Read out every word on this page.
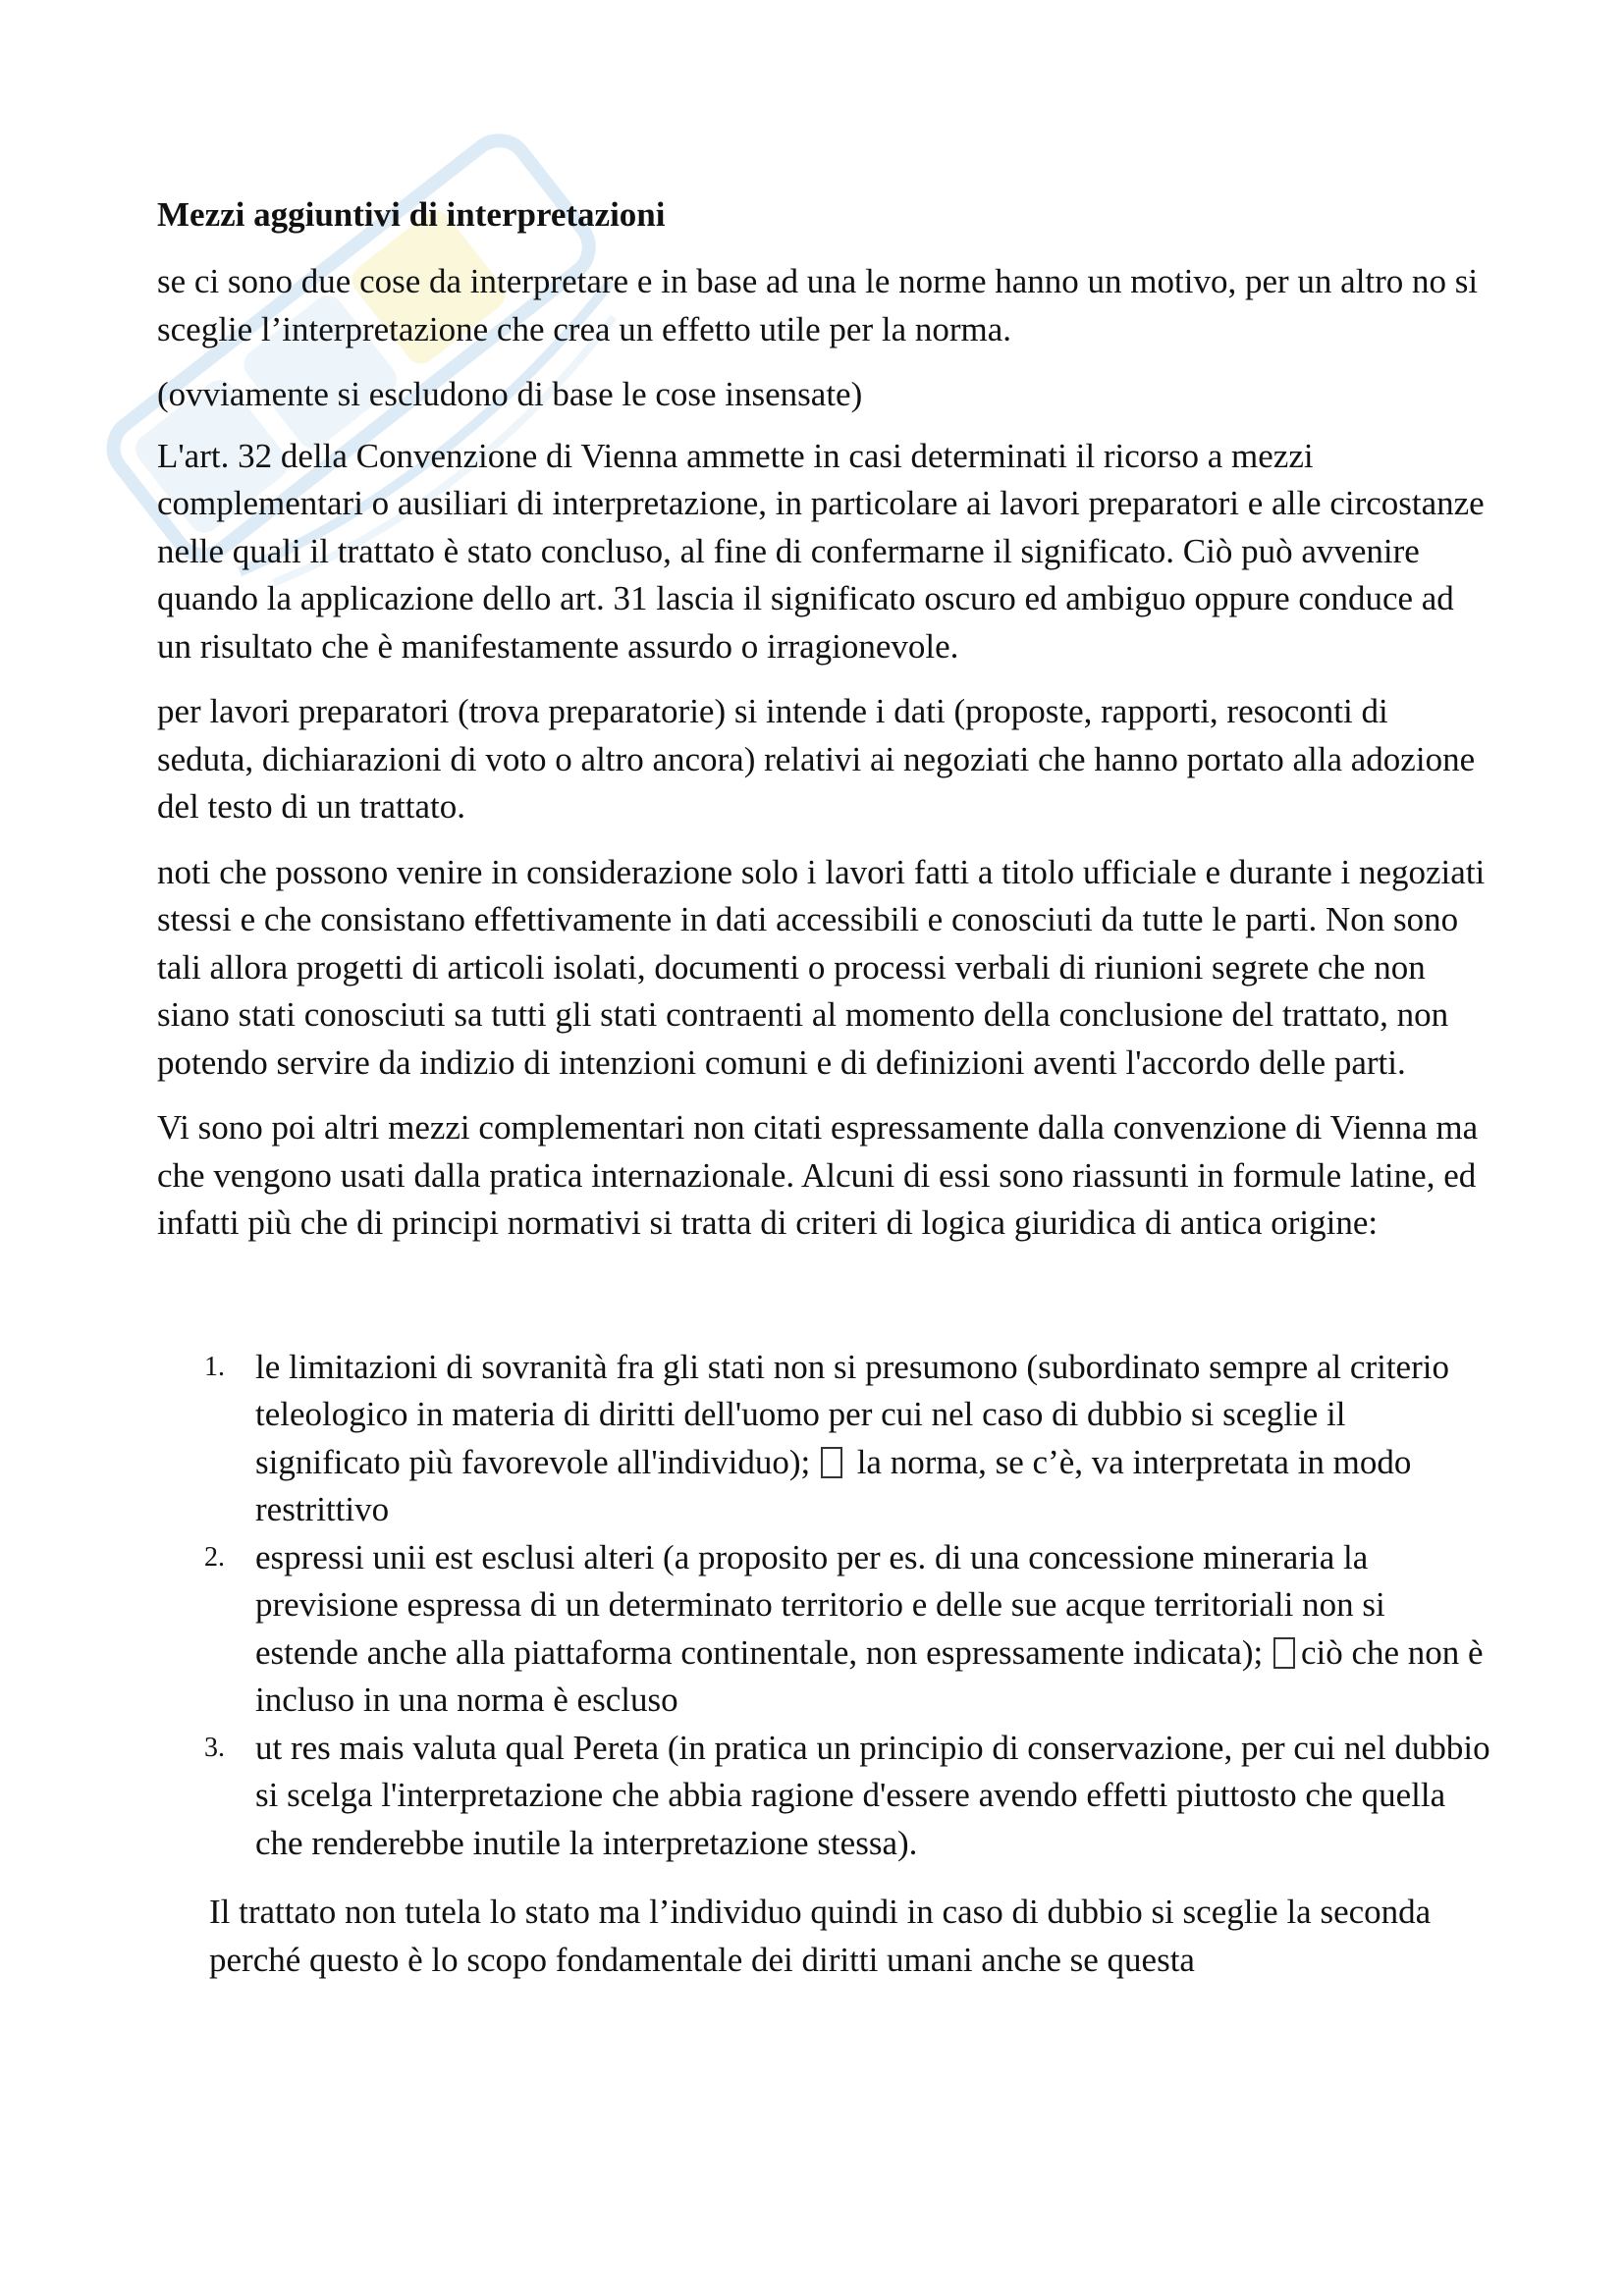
Mezzi aggiuntivi di interpretazioni

se ci sono due cose da interpretare e in base ad una le norme hanno un motivo, per un altro no si sceglie l’interpretazione che crea un effetto utile per la norma.

(ovviamente si escludono di base le cose insensate)

L'art. 32 della Convenzione di Vienna ammette in casi determinati il ricorso a mezzi complementari o ausiliari di interpretazione, in particolare ai lavori preparatori e alle circostanze nelle quali il trattato è stato concluso, al fine di confermarne il significato. Ciò può avvenire quando la applicazione dello art. 31 lascia il significato oscuro ed ambiguo oppure conduce ad un risultato che è manifestamente assurdo o irragionevole.

per lavori preparatori (trova preparatorie) si intende i dati (proposte, rapporti, resoconti di seduta, dichiarazioni di voto o altro ancora) relativi ai negoziati che hanno portato alla adozione del testo di un trattato.

noti che possono venire in considerazione solo i lavori fatti a titolo ufficiale e durante i negoziati stessi e che consistano effettivamente in dati accessibili e conosciuti da tutte le parti. Non sono tali allora progetti di articoli isolati, documenti o processi verbali di riunioni segrete che non siano stati conosciuti sa tutti gli stati contraenti al momento della conclusione del trattato, non potendo servire da indizio di intenzioni comuni e di definizioni aventi l'accordo delle parti.

Vi sono poi altri mezzi complementari non citati espressamente dalla convenzione di Vienna ma che vengono usati dalla pratica internazionale. Alcuni di essi sono riassunti in formule latine, ed infatti più che di principi normativi si tratta di criteri di logica giuridica di antica origine:

1. le limitazioni di sovranità fra gli stati non si presumono (subordinato sempre al criterio teleologico in materia di diritti dell'uomo per cui nel caso di dubbio si sceglie il significato più favorevole all'individuo); la norma, se c’è, va interpretata in modo restrittivo
2. espressi unii est esclusi alteri (a proposito per es. di una concessione mineraria la previsione espressa di un determinato territorio e delle sue acque territoriali non si estende anche alla piattaforma continentale, non espressamente indicata); ciò che non è incluso in una norma è escluso
3. ut res mais valuta qual Pereta (in pratica un principio di conservazione, per cui nel dubbio si scelga l'interpretazione che abbia ragione d'essere avendo effetti piuttosto che quella che renderebbe inutile la interpretazione stessa).

Il trattato non tutela lo stato ma l’individuo quindi in caso di dubbio si sceglie la seconda perché questo è lo scopo fondamentale dei diritti umani anche se questa
